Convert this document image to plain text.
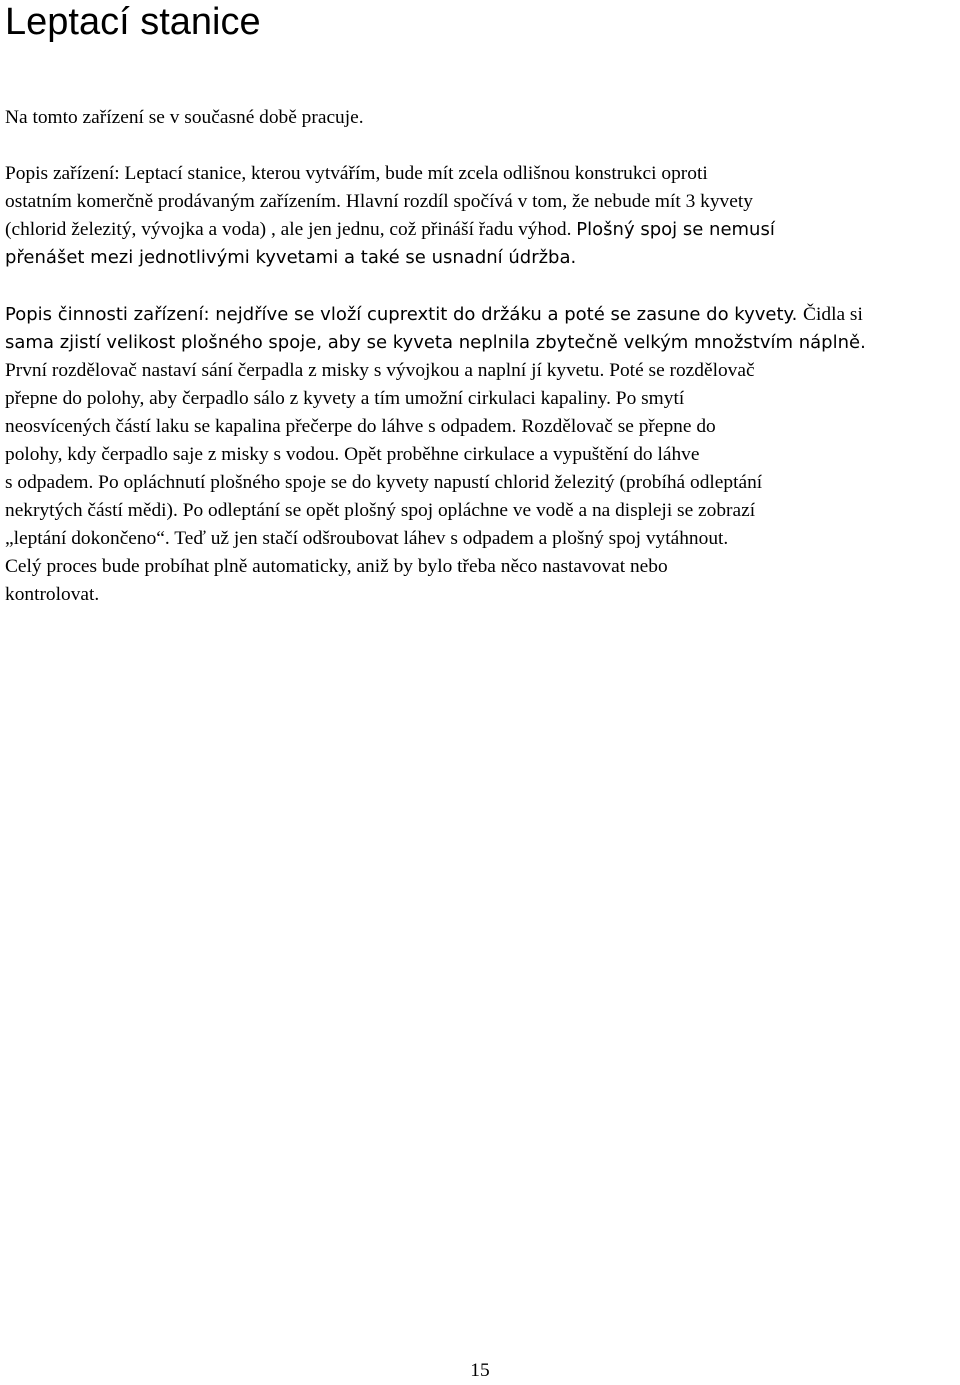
Leptací stanice

Na tomto zařízení se v současné době pracuje.

Popis zařízení: Leptací stanice, kterou vytvářím, bude mít zcela odlišnou konstrukci oproti
ostatním komerčně prodávaným zařízením. Hlavní rozdíl spočívá v tom, že nebude mít 3 kyvety
(chlorid železitý, vývojka a voda) , ale jen jednu, což přináší řadu výhod. Plošný spoj se nemusí
přenášet mezi jednotlivými kyvetami a také se usnadní údržba.

Popis činnosti zařízení: nejdříve se vloží cuprextit do držáku a poté se zasune do kyvety. Čidla si
sama zjistí velikost plošného spoje, aby se kyveta neplnila zbytečně velkým množstvím náplně.
První rozdělovač nastaví sání čerpadla z misky s vývojkou a naplní jí kyvetu. Poté se rozdělovač
přepne do polohy, aby čerpadlo sálo z kyvety a tím umožní cirkulaci kapaliny. Po smytí
neosvícených částí laku se kapalina přečerpe do láhve s odpadem. Rozdělovač se přepne do
polohy, kdy čerpadlo saje z misky s vodou. Opět proběhne cirkulace a vypuštění do láhve
s odpadem. Po opláchnutí plošného spoje se do kyvety napustí chlorid železitý (probíhá odleptání
nekrytých částí mědi). Po odleptání se opět plošný spoj opláchne ve vodě a na displeji se zobrazí
„leptání dokončeno“. Teď už jen stačí odšroubovat láhev s odpadem a plošný spoj vytáhnout.
Celý proces bude probíhat plně automaticky, aniž by bylo třeba něco nastavovat nebo
kontrolovat.

15
